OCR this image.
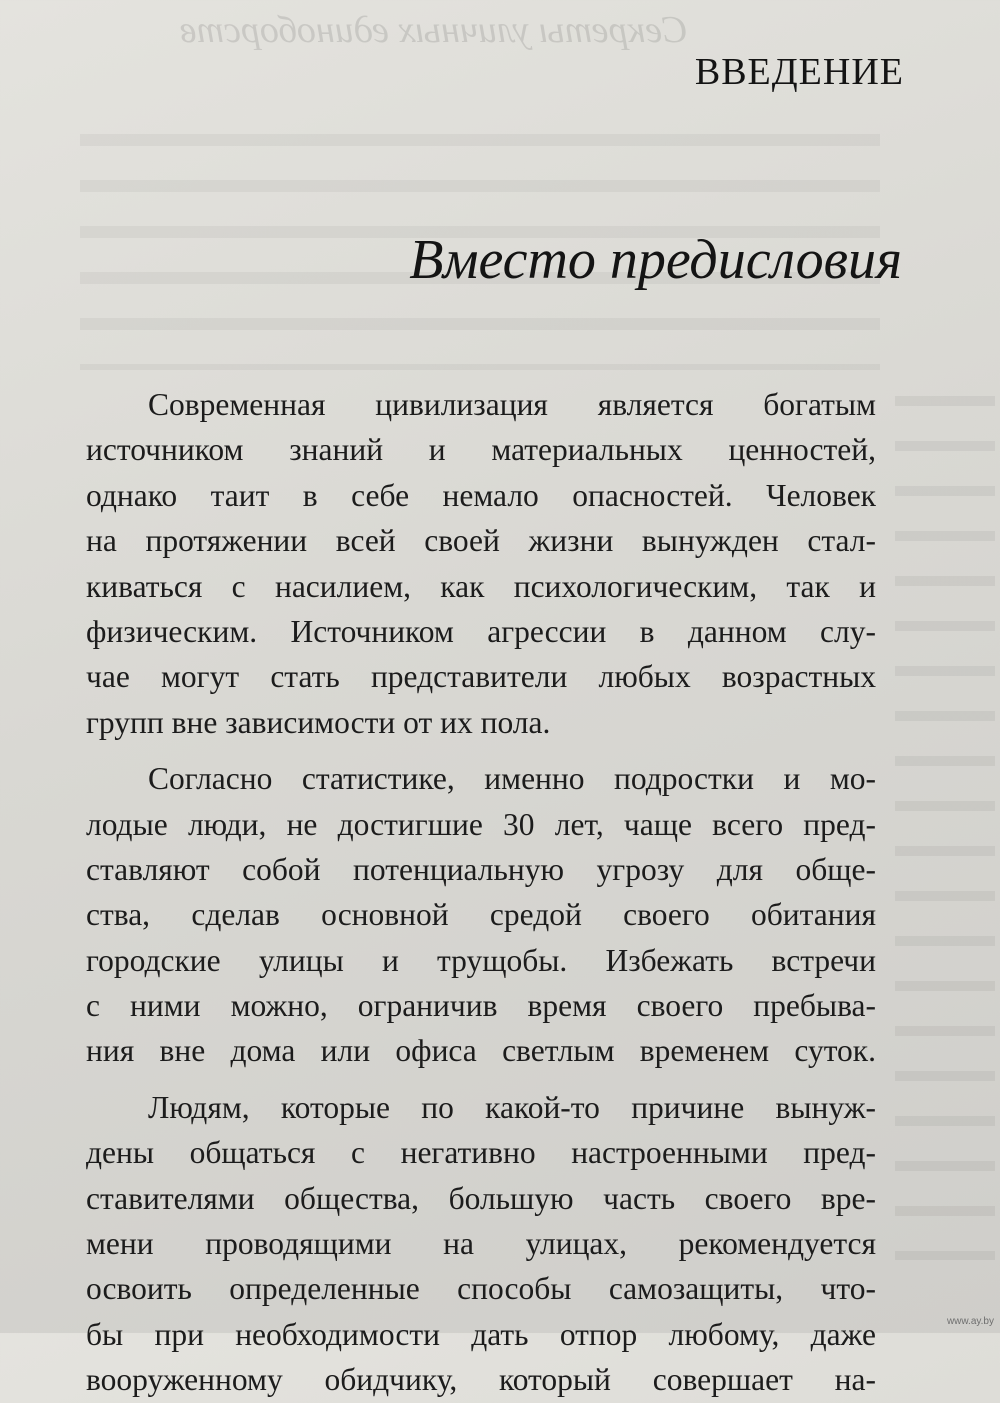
Секреты уличных единоборств
ВВЕДЕНИЕ
Вместо предисловия
Современная цивилизация является богатым
источником знаний и материальных ценностей,
однако таит в себе немало опасностей. Человек
на протяжении всей своей жизни вынужден стал-
киваться с насилием, как психологическим, так и
физическим. Источником агрессии в данном слу-
чае могут стать представители любых возрастных
групп вне зависимости от их пола.
Согласно статистике, именно подростки и мо-
лодые люди, не достигшие 30 лет, чаще всего пред-
ставляют собой потенциальную угрозу для обще-
ства, сделав основной средой своего обитания
городские улицы и трущобы. Избежать встречи
с ними можно, ограничив время своего пребыва-
ния вне дома или офиса светлым временем суток.
Людям, которые по какой-то причине вынуж-
дены общаться с негативно настроенными пред-
ставителями общества, большую часть своего вре-
мени проводящими на улицах, рекомендуется
освоить определенные способы самозащиты, что-
бы при необходимости дать отпор любому, даже
вооруженному обидчику, который совершает на-
www.ay.by
